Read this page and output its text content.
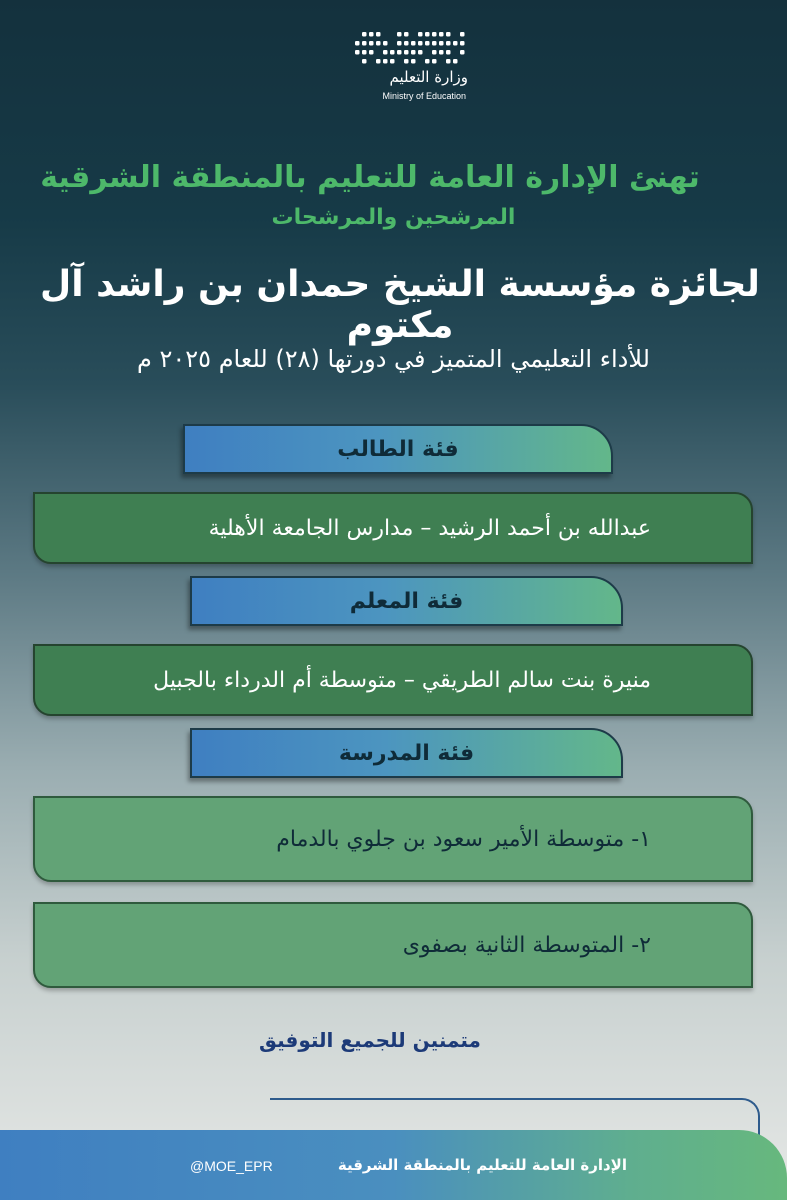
وزارة التعليم
Ministry of Education
تهنئ الإدارة العامة للتعليم بالمنطقة الشرقية
المرشحين والمرشحات
لجائزة مؤسسة الشيخ حمدان بن راشد آل مكتوم
للأداء التعليمي المتميز في دورتها (٢٨) للعام ٢٠٢٥ م
فئة الطالب
عبدالله بن أحمد الرشيد – مدارس الجامعة الأهلية
فئة المعلم
منيرة بنت سالم الطريقي – متوسطة أم الدرداء بالجبيل
فئة المدرسة
١- متوسطة الأمير سعود بن جلوي بالدمام
٢- المتوسطة الثانية بصفوى
متمنين للجميع التوفيق
الإدارة العامة للتعليم بالمنطقة الشرقية
@MOE_EPR
